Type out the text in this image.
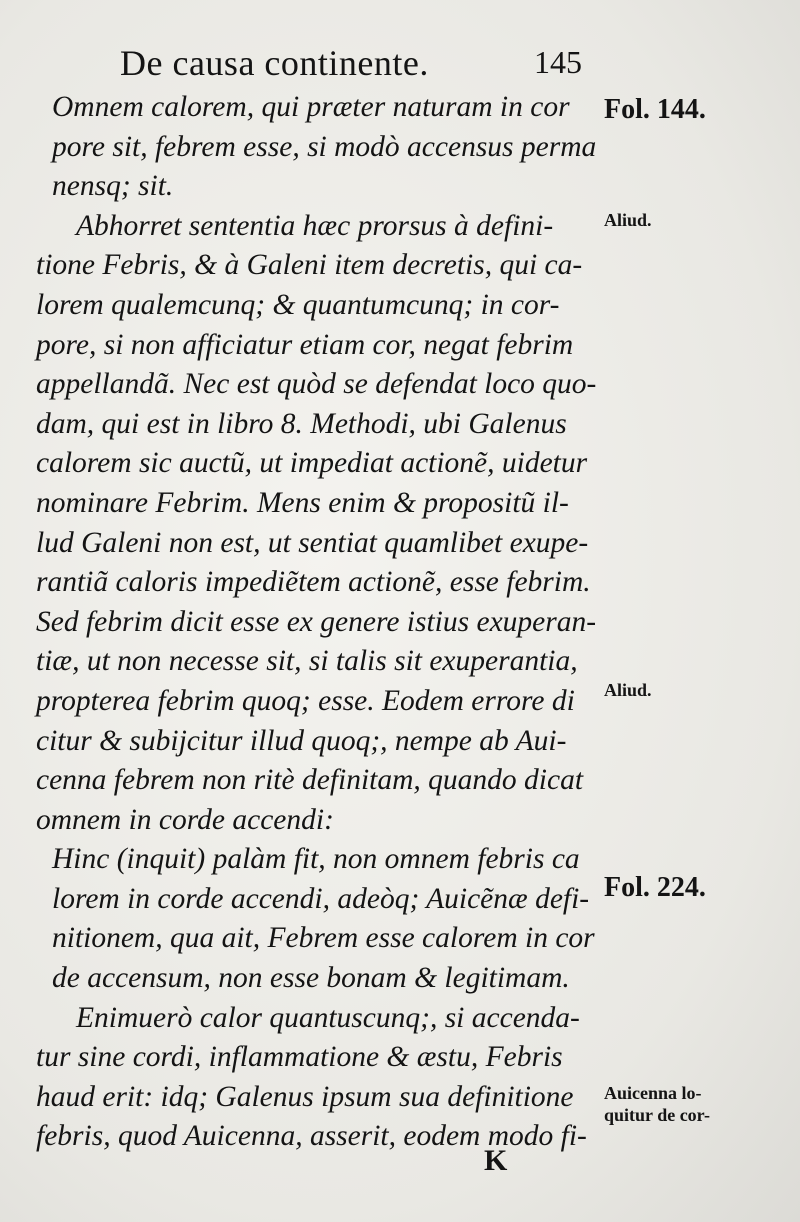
De causa continente.	145
Omnem calorem, qui præter naturam in cor
pore sit, febrem esse, si modò accensus perma
nensq; sit.
Abhorret sententia hæc prorsus à defini-
tione Febris, & à Galeni item decretis, qui ca-
lorem qualemcunq; & quantumcunq; in cor-
pore, si non afficiatur etiam cor, negat febrim
appellandã. Nec est quòd se defendat loco quo-
dam, qui est in libro 8. Methodi, ubi Galenus
calorem sic auctũ, ut impediat actionẽ, uidetur
nominare Febrim. Mens enim & propositũ il-
lud Galeni non est, ut sentiat quamlibet exupe-
rantiã caloris impediẽtem actionẽ, esse febrim.
Sed febrim dicit esse ex genere istius exuperan-
tiæ, ut non necesse sit, si talis sit exuperantia,
propterea febrim quoq; esse. Eodem errore di
citur & subijcitur illud quoq;, nempe ab Aui-
cenna febrem non ritè definitam, quando dicat
omnem in corde accendi:
Hinc (inquit) palàm fit, non omnem febris ca
lorem in corde accendi, adeòq; Auicẽnæ defi-
nitionem, qua ait, Febrem esse calorem in cor
de accensum, non esse bonam & legitimam.
Enimuerò calor quantuscunq;, si accenda-
tur sine cordi, inflammatione & æstu, Febris
haud erit: idq; Galenus ipsum sua definitione
febris, quod Auicenna, asserit, eodem modo fi-
Fol. 144.
Aliud.
Aliud.
Fol. 224.
Auicenna lo-
quitur de cor-
K
